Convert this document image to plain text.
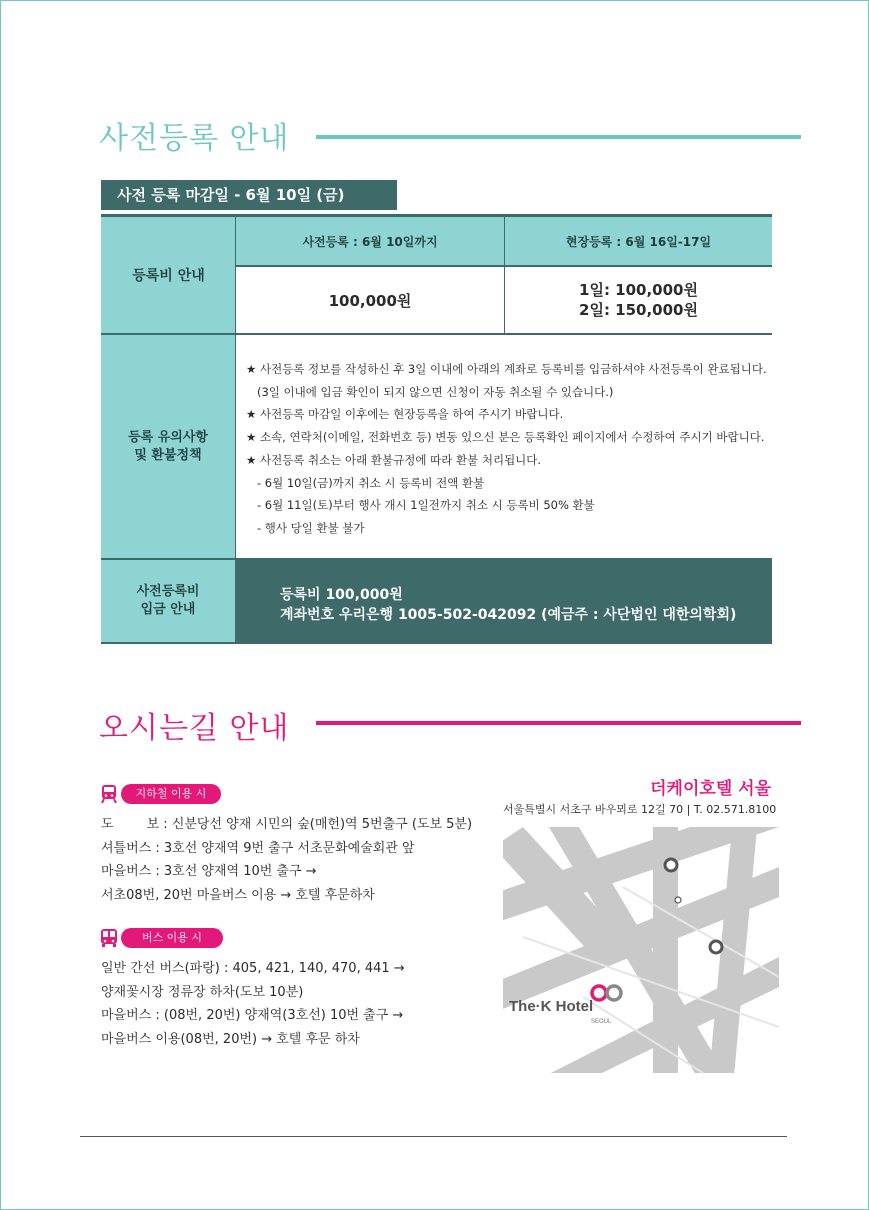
사전등록 안내
사전 등록 마감일 - 6월 10일 (금)
등록비 안내
사전등록 : 6월 10일까지	현장등록 : 6월 16일-17일
100,000원
1일: 100,000원
2일: 150,000원
등록 유의사항
및 환불정책
★ 사전등록 정보를 작성하신 후 3일 이내에 아래의 계좌로 등록비를 입금하셔야 사전등록이 완료됩니다.
(3일 이내에 입금 확인이 되지 않으면 신청이 자동 취소될 수 있습니다.)
★ 사전등록 마감일 이후에는 현장등록을 하여 주시기 바랍니다.
★ 소속, 연락처(이메일, 전화번호 등) 변동 있으신 분은 등록확인 페이지에서 수정하여 주시기 바랍니다.
★ 사전등록 취소는 아래 환불규정에 따라 환불 처리됩니다.
- 6월 10일(금)까지 취소 시 등록비 전액 환불
- 6월 11일(토)부터 행사 개시 1일전까지 취소 시 등록비 50% 환불
- 행사 당일 환불 불가
사전등록비
입금 안내
등록비 100,000원
계좌번호 우리은행 1005-502-042092 (예금주 : 사단법인 대한의학회)
오시는길 안내
지하철 이용 시
도        보 : 신분당선 양재 시민의 숲(매헌)역 5번출구 (도보 5분)
셔틀버스 : 3호선 양재역 9번 출구 서초문화예술회관 앞
마을버스 : 3호선 양재역 10번 출구 →
서초08번, 20번 마을버스 이용 → 호텔 후문하차
버스 이용 시
일반 간선 버스(파랑) : 405, 421, 140, 470, 441 →
양재꽃시장 정류장 하차(도보 10분)
마을버스 : (08번, 20번) 양재역(3호선) 10번 출구 →
마을버스 이용(08번, 20번) → 호텔 후문 하차
더케이호텔 서울
서울특별시 서초구 바우뫼로 12길 70 | T. 02.571.8100
The·K Hotel
SEOUL
